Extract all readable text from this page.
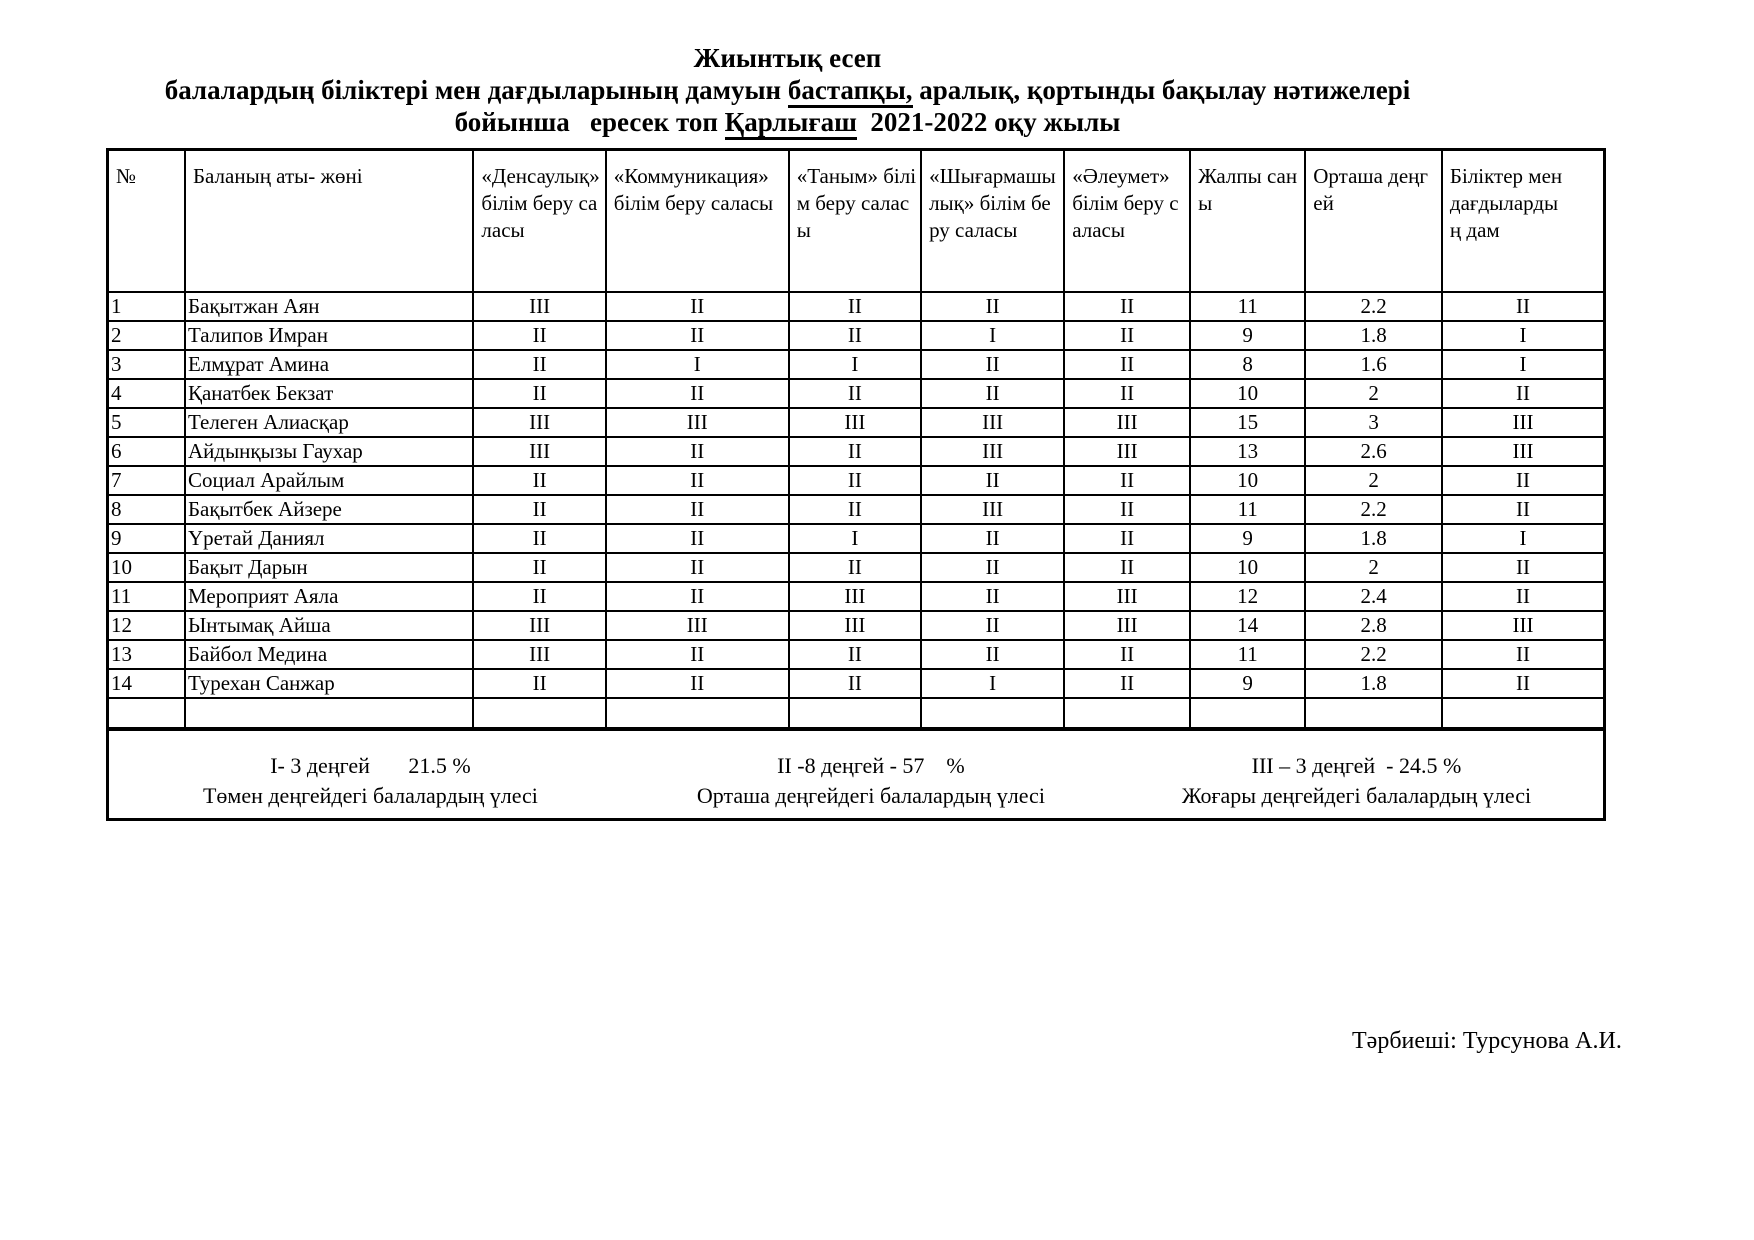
Жиынтық есеп
балалардың біліктері мен дағдыларының дамуын бастапқы, аралық, қортынды бақылау нәтижелері
бойынша   ересек топ Қарлығаш  2021-2022 оқу жылы
№	Баланың аты- жөні	«Денсаулық» білім беру саласы	«Коммуникация» білім беру саласы	«Таным» білім беру саласы	«Шығармашылық» білім беру саласы	«Әлеумет» білім беру саласы	Жалпы саны	Орташа деңгей	Біліктер мен дағдылардың дам
1	Бақытжан Аян	III	II	II	II	II	11	2.2	II
2	Талипов Имран	II	II	II	I	II	9	1.8	I
3	Елмұрат Амина	II	I	I	II	II	8	1.6	I
4	Қанатбек Бекзат	II	II	II	II	II	10	2	II
5	Телеген Алиасқар	III	III	III	III	III	15	3	III
6	Айдынқызы Гаухар	III	II	II	III	III	13	2.6	III
7	Социал Арайлым	II	II	II	II	II	10	2	II
8	Бақытбек Айзере	II	II	II	III	II	11	2.2	II
9	Үретай Даниял	II	II	I	II	II	9	1.8	I
10	Бақыт Дарын	II	II	II	II	II	10	2	II
11	Мероприят Аяла	II	II	III	II	III	12	2.4	II
12	Ынтымақ Айша	III	III	III	II	III	14	2.8	III
13	Байбол Медина	III	II	II	II	II	11	2.2	II
14	Турехан Санжар	II	II	II	I	II	9	1.8	II

I- 3 деңгей       21.5 %
Төмен деңгейдегі балалардың үлесі
II -8 деңгей - 57    %
Орташа деңгейдегі балалардың үлесі
III – 3 деңгей  - 24.5 %
Жоғары деңгейдегі балалардың үлесі
Тәрбиеші: Турсунова А.И.
